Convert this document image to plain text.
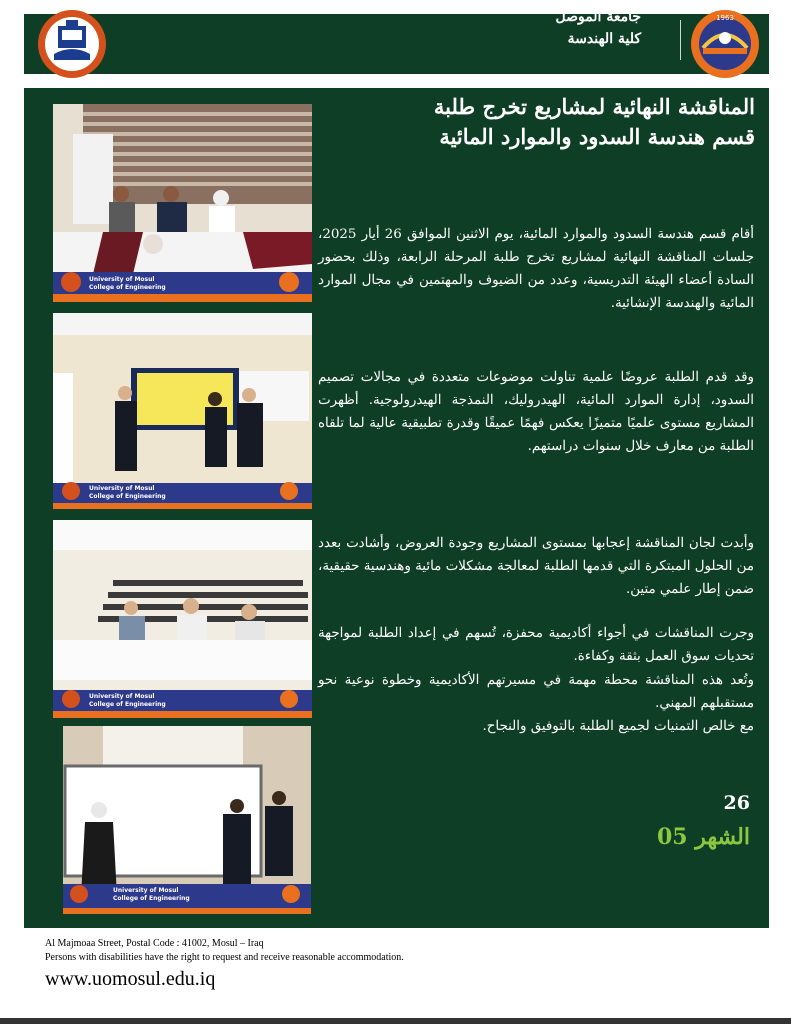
1963
جامعة الموصل
كلية الهندسة
University of Mosul
College of Engineering
University of Mosul
College of Engineering
University of Mosul
College of Engineering
University of Mosul
College of Engineering
المناقشة النهائية لمشاريع تخرج طلبة
قسم هندسة السدود والموارد المائية
أقام قسم هندسة السدود والموارد المائية، يوم الاثنين الموافق 26 أيار 2025، جلسات المناقشة النهائية لمشاريع تخرج طلبة المرحلة الرابعة، وذلك بحضور السادة أعضاء الهيئة التدريسية، وعدد من الضيوف والمهتمين في مجال الموارد المائية والهندسة الإنشائية.
وقد قدم الطلبة عروضًا علمية تناولت موضوعات متعددة في مجالات تصميم السدود، إدارة الموارد المائية، الهيدروليك، النمذجة الهيدرولوجية. أظهرت المشاريع مستوى علميًا متميزًا يعكس فهمًا عميقًا وقدرة تطبيقية عالية لما تلقاه الطلبة من معارف خلال سنوات دراستهم.
وأبدت لجان المناقشة إعجابها بمستوى المشاريع وجودة العروض، وأشادت بعدد من الحلول المبتكرة التي قدمها الطلبة لمعالجة مشكلات مائية وهندسية حقيقية، ضمن إطار علمي متين.
وجرت المناقشات في أجواء أكاديمية محفزة، تُسهم في إعداد الطلبة لمواجهة تحديات سوق العمل بثقة وكفاءة.
وتُعد هذه المناقشة محطة مهمة في مسيرتهم الأكاديمية وخطوة نوعية نحو مستقبلهم المهني.
مع خالص التمنيات لجميع الطلبة بالتوفيق والنجاح.
26
الشهر 05
Al Majmoaa Street, Postal Code : 41002, Mosul – Iraq
Persons with disabilities have the right to request and receive reasonable accommodation.
www.uomosul.edu.iq
